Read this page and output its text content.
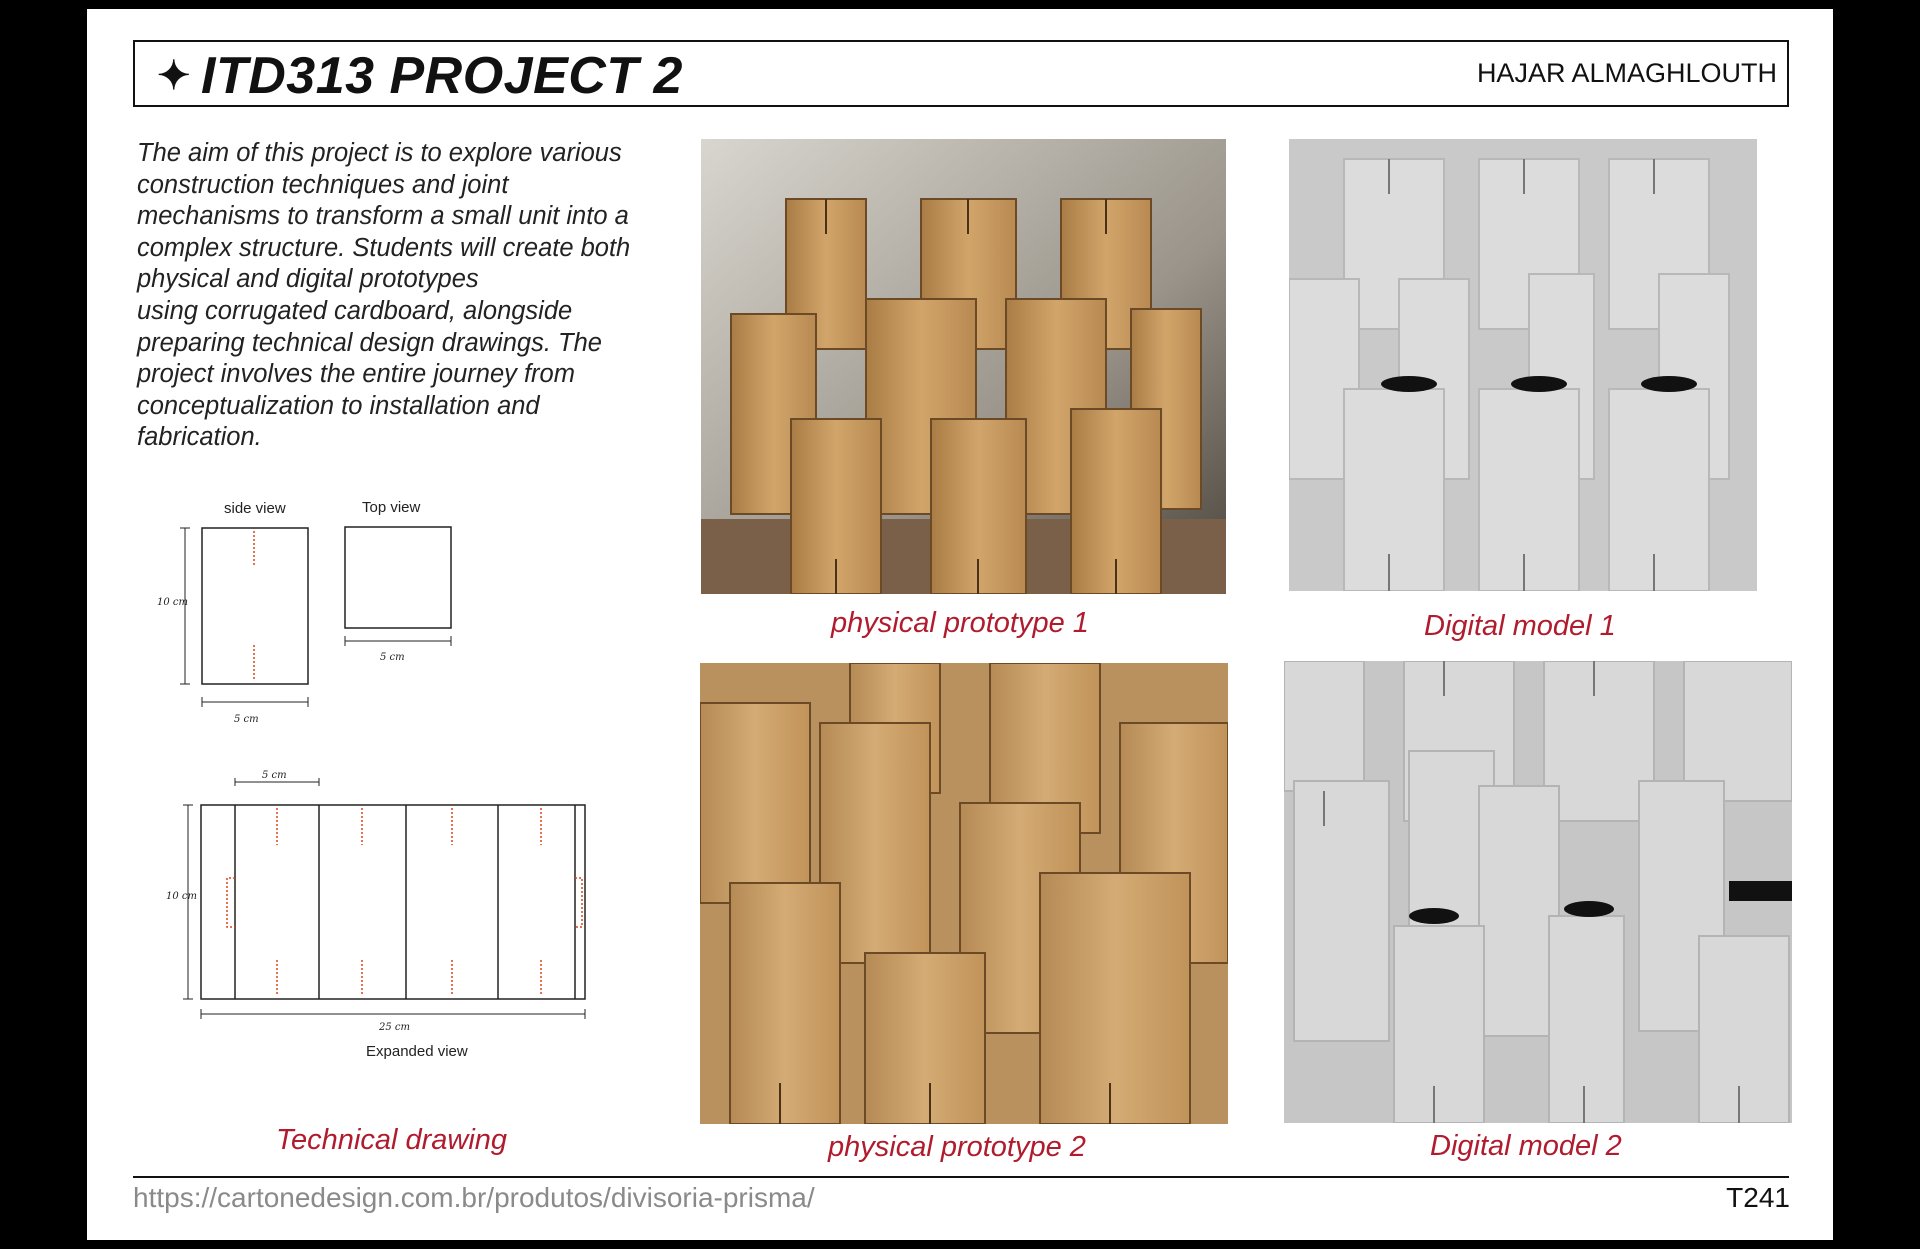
✦ ITD313 PROJECT 2	HAJAR ALMAGHLOUTH
The aim of this project is to explore various
construction techniques and joint
mechanisms to transform a small unit into a
complex structure. Students will create both
physical and digital prototypes
using corrugated cardboard, alongside
preparing technical design drawings. The
project involves the entire journey from
conceptualization to installation and
fabrication.
side view
10 cm
5 cm
Top view
5 cm
5 cm
10 cm
25 cm
Expanded view
Technical drawing
physical prototype 1	Digital model 1
physical prototype 2	Digital model 2
https://cartonedesign.com.br/produtos/divisoria-prisma/	T241
